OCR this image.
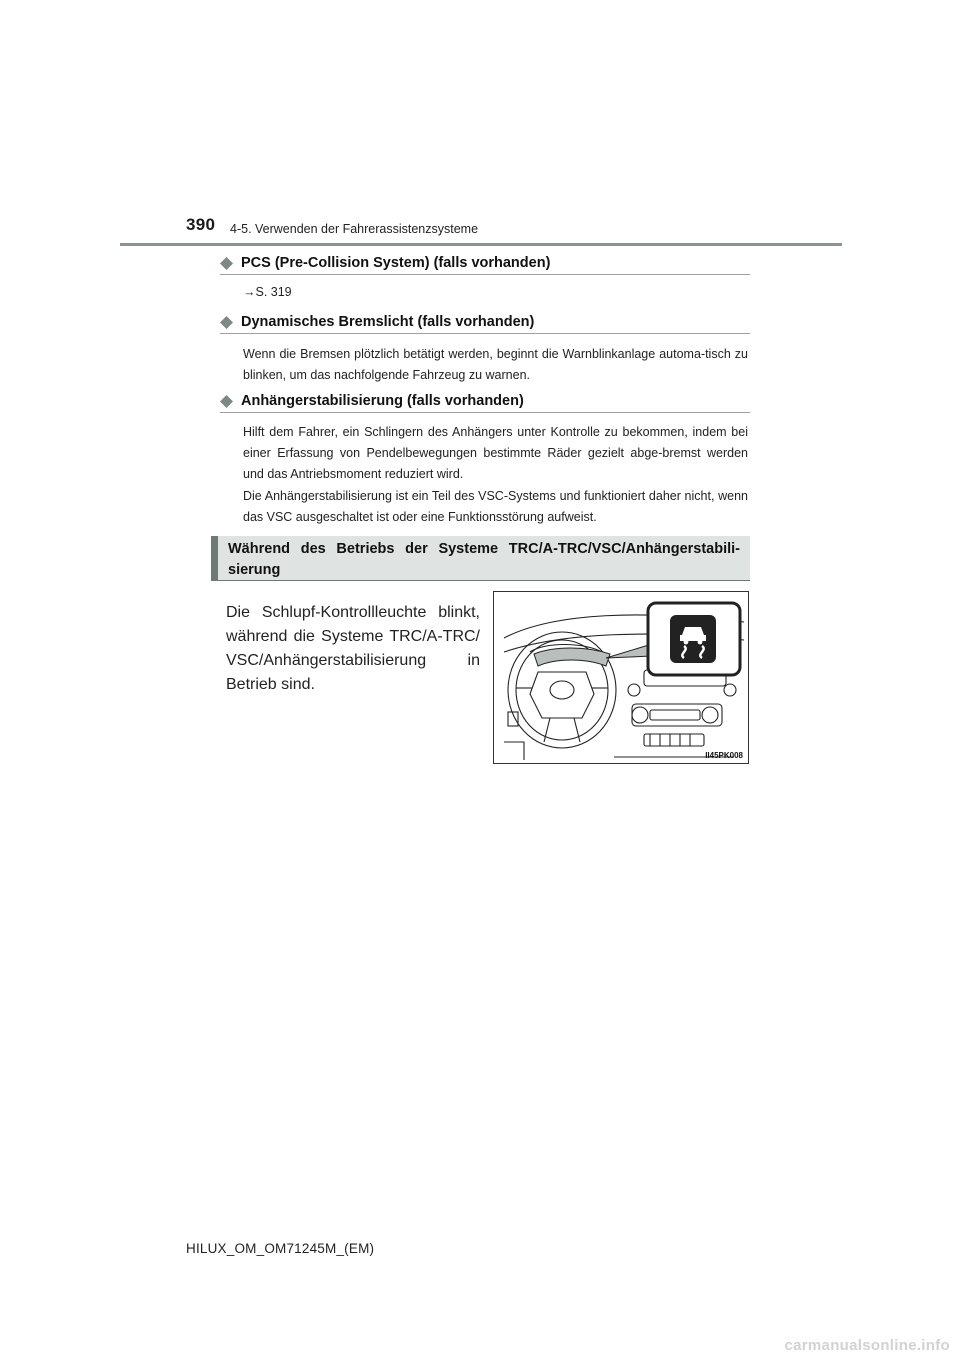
390 4-5. Verwenden der Fahrerassistenzsysteme
PCS (Pre-Collision System) (falls vorhanden)
→S. 319
Dynamisches Bremslicht (falls vorhanden)
Wenn die Bremsen plötzlich betätigt werden, beginnt die Warnblinkanlage automa-tisch zu blinken, um das nachfolgende Fahrzeug zu warnen.
Anhängerstabilisierung (falls vorhanden)
Hilft dem Fahrer, ein Schlingern des Anhängers unter Kontrolle zu bekommen, indem bei einer Erfassung von Pendelbewegungen bestimmte Räder gezielt abge-bremst werden und das Antriebsmoment reduziert wird.
Die Anhängerstabilisierung ist ein Teil des VSC-Systems und funktioniert daher nicht, wenn das VSC ausgeschaltet ist oder eine Funktionsstörung aufweist.
Während des Betriebs der Systeme TRC/A-TRC/VSC/Anhängerstabili-sierung
Die Schlupf-Kontrollleuchte blinkt, während die Systeme TRC/A-TRC/ VSC/Anhängerstabilisierung in Betrieb sind.
II45PK008
HILUX_OM_OM71245M_(EM)
carmanualsonline.info
